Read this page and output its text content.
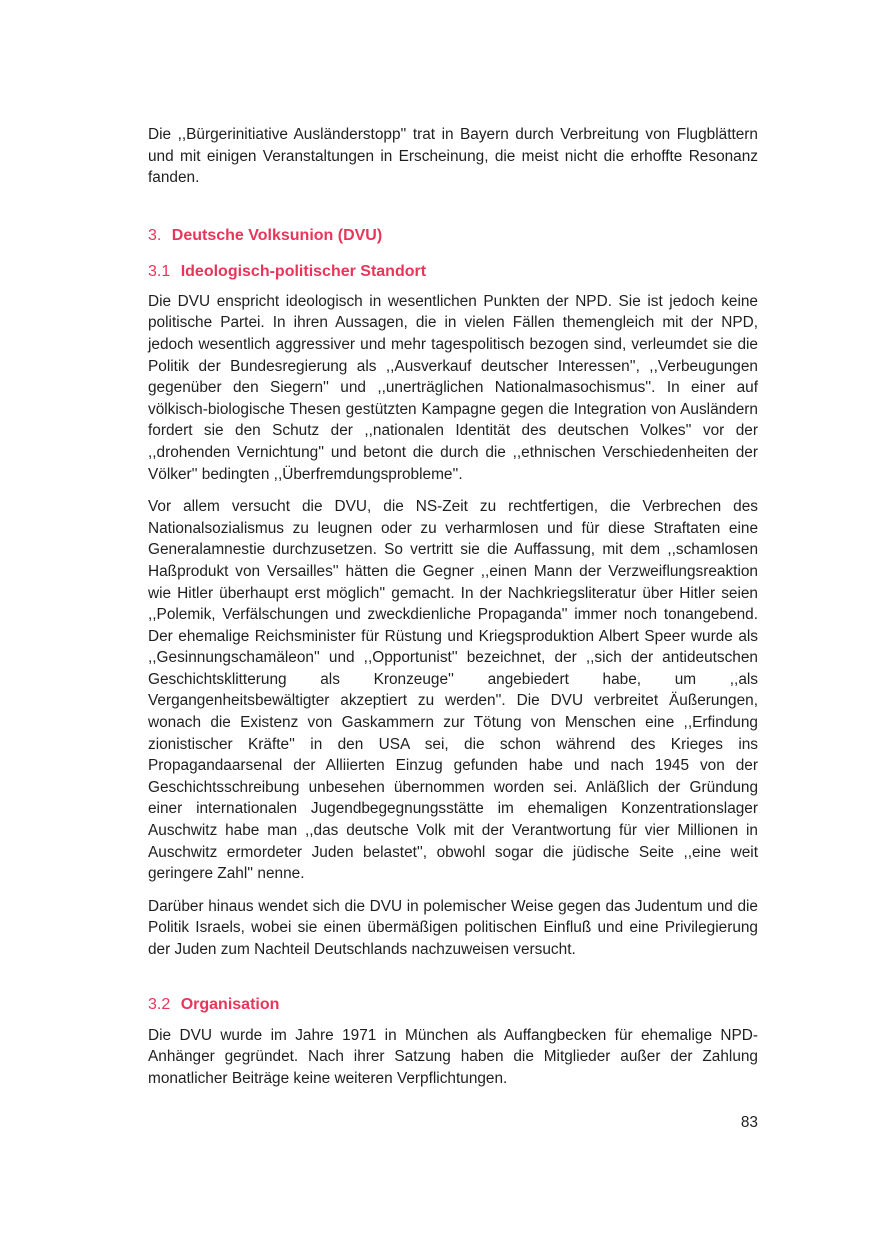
Die ,,Bürgerinitiative Ausländerstopp'' trat in Bayern durch Verbreitung von Flugblättern und mit einigen Veranstaltungen in Erscheinung, die meist nicht die erhoffte Resonanz fanden.

3. Deutsche Volksunion (DVU)
3.1 Ideologisch-politischer Standort

Die DVU enspricht ideologisch in wesentlichen Punkten der NPD. Sie ist jedoch keine politische Partei. In ihren Aussagen, die in vielen Fällen themengleich mit der NPD, jedoch wesentlich aggressiver und mehr tagespolitisch bezogen sind, verleumdet sie die Politik der Bundesregierung als ,,Ausverkauf deutscher Interessen'', ,,Verbeugungen gegenüber den Siegern'' und ,,unerträglichen Nationalmasochismus''. In einer auf völkisch-biologische Thesen gestützten Kampagne gegen die Integration von Ausländern fordert sie den Schutz der ,,nationalen Identität des deutschen Volkes'' vor der ,,drohenden Vernichtung'' und betont die durch die ,,ethnischen Verschiedenheiten der Völker'' bedingten ,,Überfremdungsprobleme''.

Vor allem versucht die DVU, die NS-Zeit zu rechtfertigen, die Verbrechen des Nationalsozialismus zu leugnen oder zu verharmlosen und für diese Straftaten eine Generalamnestie durchzusetzen. So vertritt sie die Auffassung, mit dem ,,schamlosen Haßprodukt von Versailles'' hätten die Gegner ,,einen Mann der Verzweiflungsreaktion wie Hitler überhaupt erst möglich'' gemacht. In der Nachkriegsliteratur über Hitler seien ,,Polemik, Verfälschungen und zweckdienliche Propaganda'' immer noch tonangebend. Der ehemalige Reichsminister für Rüstung und Kriegsproduktion Albert Speer wurde als ,,Gesinnungschamäleon'' und ,,Opportunist'' bezeichnet, der ,,sich der antideutschen Geschichtsklitterung als Kronzeuge'' angebiedert habe, um ,,als Vergangenheitsbewältigter akzeptiert zu werden''. Die DVU verbreitet Äußerungen, wonach die Existenz von Gaskammern zur Tötung von Menschen eine ,,Erfindung zionistischer Kräfte'' in den USA sei, die schon während des Krieges ins Propagandaarsenal der Alliierten Einzug gefunden habe und nach 1945 von der Geschichtsschreibung unbesehen übernommen worden sei. Anläßlich der Gründung einer internationalen Jugendbegegnungsstätte im ehemaligen Konzentrationslager Auschwitz habe man ,,das deutsche Volk mit der Verantwortung für vier Millionen in Auschwitz ermordeter Juden belastet'', obwohl sogar die jüdische Seite ,,eine weit geringere Zahl'' nenne.

Darüber hinaus wendet sich die DVU in polemischer Weise gegen das Judentum und die Politik Israels, wobei sie einen übermäßigen politischen Einfluß und eine Privilegierung der Juden zum Nachteil Deutschlands nachzuweisen versucht.

3.2 Organisation

Die DVU wurde im Jahre 1971 in München als Auffangbecken für ehemalige NPD-Anhänger gegründet. Nach ihrer Satzung haben die Mitglieder außer der Zahlung monatlicher Beiträge keine weiteren Verpflichtungen.

83
